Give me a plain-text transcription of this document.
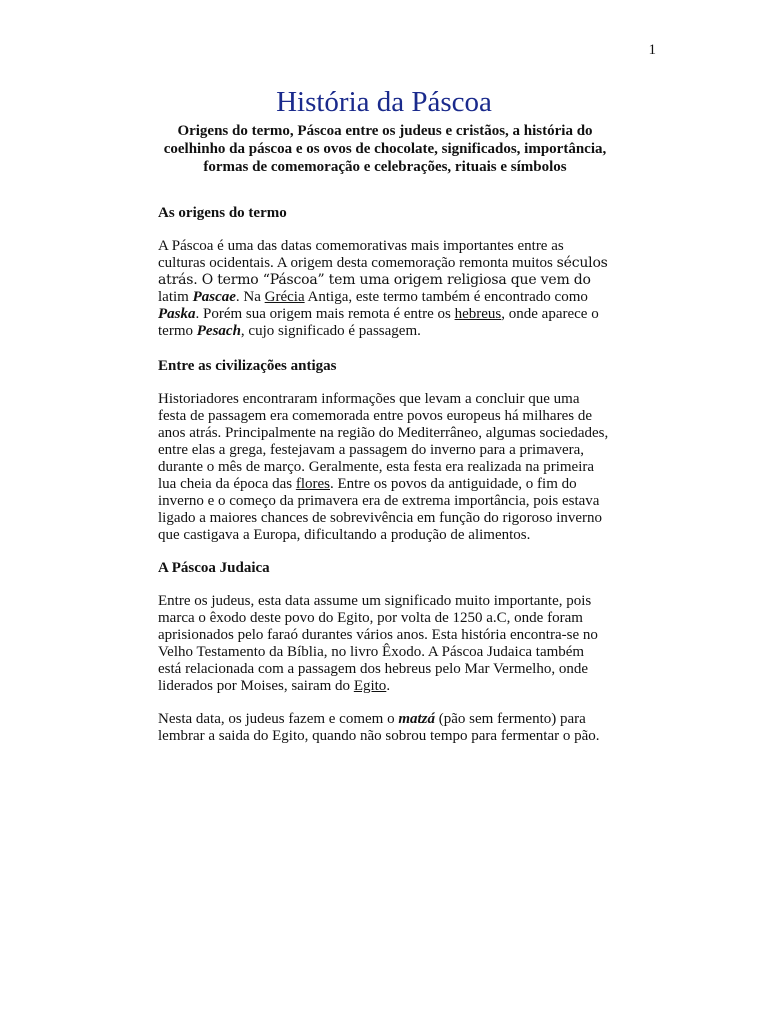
1
História da Páscoa

Origens do termo, Páscoa entre os judeus e cristãos, a história do coelhinho da páscoa e os ovos de chocolate, significados, importância, formas de comemoração e celebrações, rituais e símbolos

As origens do termo

A Páscoa é uma das datas comemorativas mais importantes entre as culturas ocidentais. A origem desta comemoração remonta muitos séculos atrás. O termo “Páscoa” tem uma origem religiosa que vem do latim Pascae. Na Grécia Antiga, este termo também é encontrado como Paska. Porém sua origem mais remota é entre os hebreus, onde aparece o termo Pesach, cujo significado é passagem.

Entre as civilizações antigas

Historiadores encontraram informações que levam a concluir que uma festa de passagem era comemorada entre povos europeus há milhares de anos atrás. Principalmente na região do Mediterrâneo, algumas sociedades, entre elas a grega, festejavam a passagem do inverno para a primavera, durante o mês de março. Geralmente, esta festa era realizada na primeira lua cheia da época das flores. Entre os povos da antiguidade, o fim do inverno e o começo da primavera era de extrema importância, pois estava ligado a maiores chances de sobrevivência em função do rigoroso inverno que castigava a Europa, dificultando a produção de alimentos.

A Páscoa Judaica

Entre os judeus, esta data assume um significado muito importante, pois marca o êxodo deste povo do Egito, por volta de 1250 a.C, onde foram aprisionados pelo faraó durantes vários anos. Esta história encontra-se no Velho Testamento da Bíblia, no livro Êxodo. A Páscoa Judaica também está relacionada com a passagem dos hebreus pelo Mar Vermelho, onde liderados por Moises, sairam do Egito.

Nesta data, os judeus fazem e comem o matzá (pão sem fermento) para lembrar a saida do Egito, quando não sobrou tempo para fermentar o pão.
